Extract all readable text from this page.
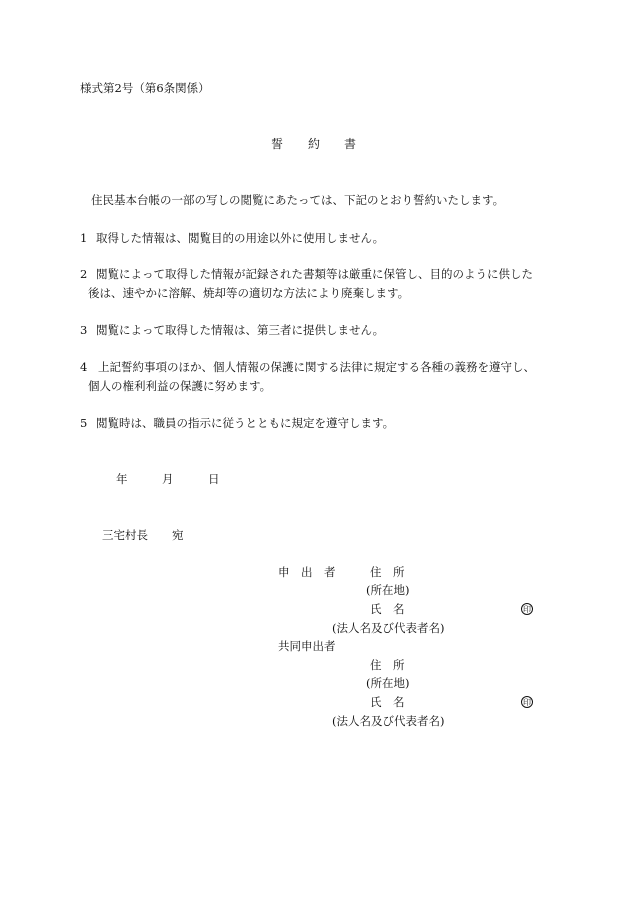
様式第2号（第6条関係）
誓 約 書
住民基本台帳の一部の写しの閲覧にあたっては、下記のとおり誓約いたします。
1 取得した情報は、閲覧目的の用途以外に使用しません。
2 閲覧によって取得した情報が記録された書類等は厳重に保管し、目的のように供した
後は、速やかに溶解、焼却等の適切な方法により廃棄します。
3 閲覧によって取得した情報は、第三者に提供しません。
4 上記誓約事項のほか、個人情報の保護に関する法律に規定する各種の義務を遵守し、
個人の権利利益の保護に努めます。
5 閲覧時は、職員の指示に従うとともに規定を遵守します。
年	月	日
三宅村長 宛
申　出　者	住　所
(所在地)
氏　名	印
(法人名及び代表者名)
共同申出者
住　所
(所在地)
氏　名	印
(法人名及び代表者名)
